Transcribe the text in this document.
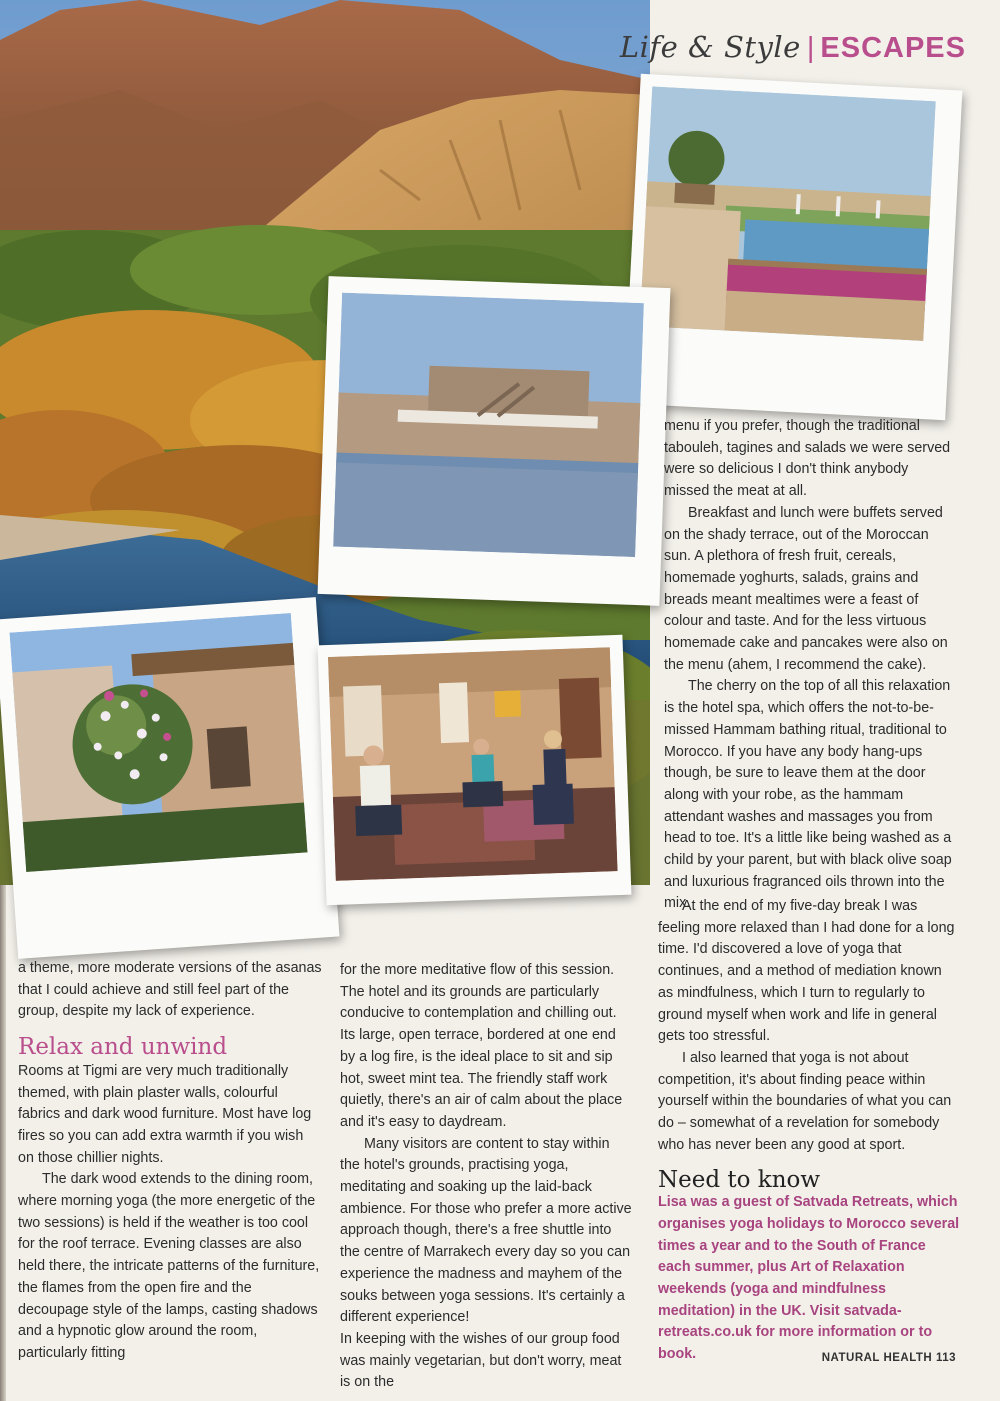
Life & Style | ESCAPES

a theme, more moderate versions of the asanas that I could achieve and still feel part of the group, despite my lack of experience.

Relax and unwind

Rooms at Tigmi are very much traditionally themed, with plain plaster walls, colourful fabrics and dark wood furniture. Most have log fires so you can add extra warmth if you wish on those chillier nights.

The dark wood extends to the dining room, where morning yoga (the more energetic of the two sessions) is held if the weather is too cool for the roof terrace. Evening classes are also held there, the intricate patterns of the furniture, the flames from the open fire and the decoupage style of the lamps, casting shadows and a hypnotic glow around the room, particularly fitting

for the more meditative flow of this session. The hotel and its grounds are particularly conducive to contemplation and chilling out. Its large, open terrace, bordered at one end by a log fire, is the ideal place to sit and sip hot, sweet mint tea. The friendly staff work quietly, there's an air of calm about the place and it's easy to daydream.

Many visitors are content to stay within the hotel's grounds, practising yoga, meditating and soaking up the laid-back ambience. For those who prefer a more active approach though, there's a free shuttle into the centre of Marrakech every day so you can experience the madness and mayhem of the souks between yoga sessions. It's certainly a different experience!

In keeping with the wishes of our group food was mainly vegetarian, but don't worry, meat is on the

menu if you prefer, though the traditional tabouleh, tagines and salads we were served were so delicious I don't think anybody missed the meat at all.

Breakfast and lunch were buffets served on the shady terrace, out of the Moroccan sun. A plethora of fresh fruit, cereals, homemade yoghurts, salads, grains and breads meant mealtimes were a feast of colour and taste. And for the less virtuous homemade cake and pancakes were also on the menu (ahem, I recommend the cake).

The cherry on the top of all this relaxation is the hotel spa, which offers the not-to-be-missed Hammam bathing ritual, traditional to Morocco. If you have any body hang-ups though, be sure to leave them at the door along with your robe, as the hammam attendant washes and massages you from head to toe. It's a little like being washed as a child by your parent, but with black olive soap and luxurious fragranced oils thrown into the mix.

At the end of my five-day break I was feeling more relaxed than I had done for a long time. I'd discovered a love of yoga that continues, and a method of mediation known as mindfulness, which I turn to regularly to ground myself when work and life in general gets too stressful.

I also learned that yoga is not about competition, it's about finding peace within yourself within the boundaries of what you can do – somewhat of a revelation for somebody who has never been any good at sport.

Need to know

Lisa was a guest of Satvada Retreats, which organises yoga holidays to Morocco several times a year and to the South of France each summer, plus Art of Relaxation weekends (yoga and mindfulness meditation) in the UK. Visit satvada-retreats.co.uk for more information or to book.	NATURAL HEALTH 113
